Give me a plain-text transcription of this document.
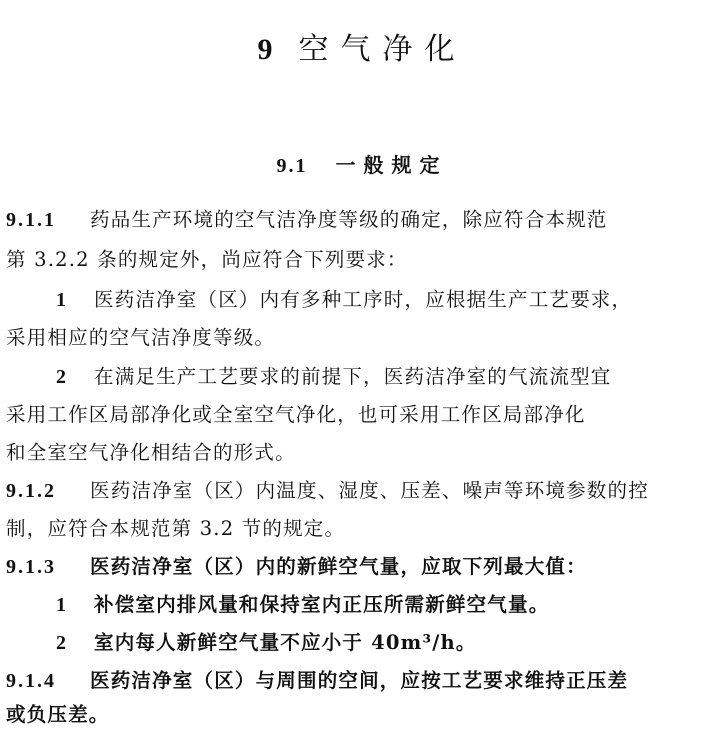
9 空气净化
9.1 一般规定
9.1.1 药品生产环境的空气洁净度等级的确定，除应符合本规范
第 3.2.2 条的规定外，尚应符合下列要求：
1 医药洁净室（区）内有多种工序时，应根据生产工艺要求，
采用相应的空气洁净度等级。
2 在满足生产工艺要求的前提下，医药洁净室的气流流型宜
采用工作区局部净化或全室空气净化，也可采用工作区局部净化
和全室空气净化相结合的形式。
9.1.2 医药洁净室（区）内温度、湿度、压差、噪声等环境参数的控
制，应符合本规范第 3.2 节的规定。
9.1.3 医药洁净室（区）内的新鲜空气量，应取下列最大值：
1 补偿室内排风量和保持室内正压所需新鲜空气量。
2 室内每人新鲜空气量不应小于 40m³/h。
9.1.4 医药洁净室（区）与周围的空间，应按工艺要求维持正压差
或负压差。
